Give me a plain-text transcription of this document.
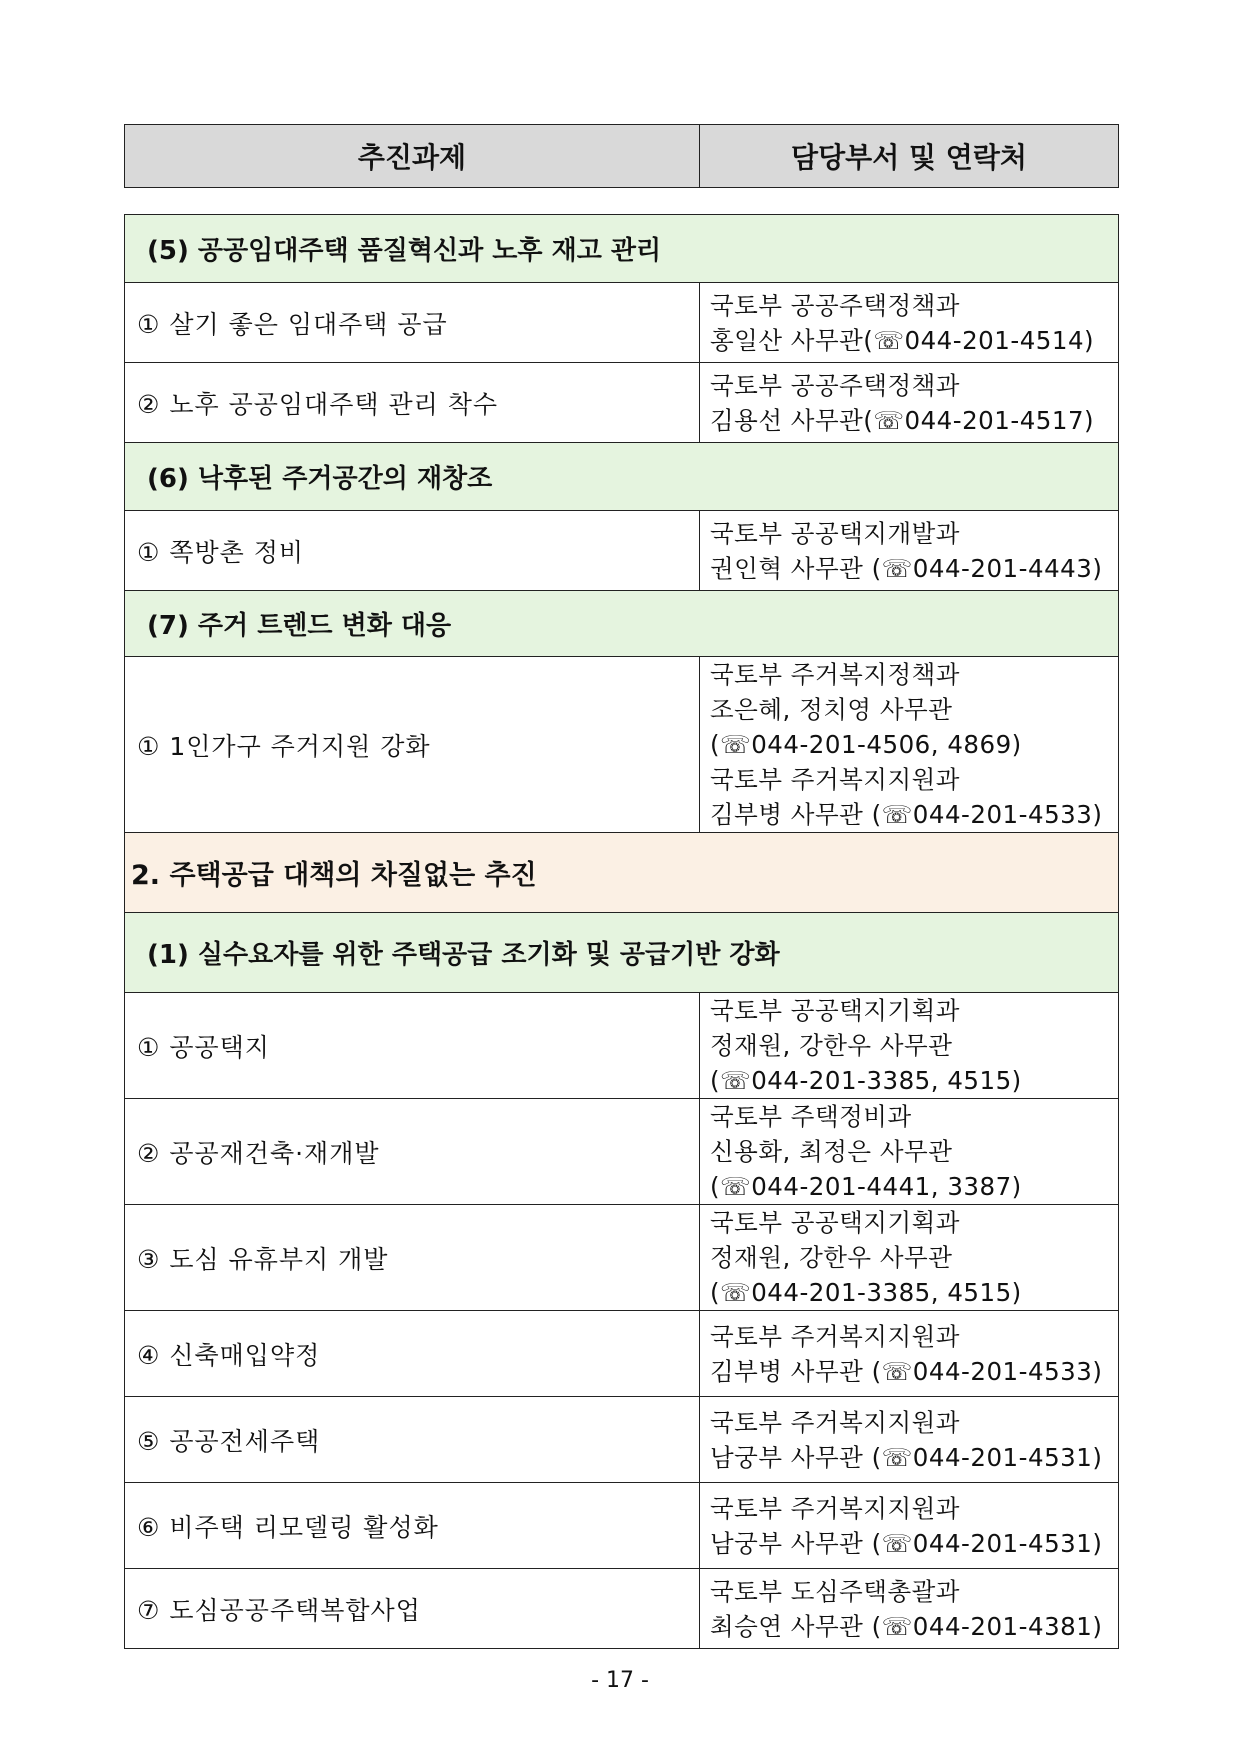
추진과제	담당부서 및 연락처
(5) 공공임대주택 품질혁신과 노후 재고 관리	
① 살기 좋은 임대주택 공급	국토부 공공주택정책과
홍일산 사무관(☏044-201-4514)

② 노후 공공임대주택 관리 착수	국토부 공공주택정책과
김용선 사무관(☏044-201-4517)

(6) 낙후된 주거공간의 재창조	
① 쪽방촌 정비	국토부 공공택지개발과
권인혁 사무관 (☏044-201-4443)

(7) 주거 트렌드 변화 대응	
① 1인가구 주거지원 강화	국토부 주거복지정책과
조은혜, 정치영 사무관
(☏044-201-4506, 4869)
국토부 주거복지지원과
김부병 사무관 (☏044-201-4533)

2. 주택공급 대책의 차질없는 추진	
(1) 실수요자를 위한 주택공급 조기화 및 공급기반 강화	
① 공공택지	국토부 공공택지기획과
정재원, 강한우 사무관
(☏044-201-3385, 4515)

② 공공재건축·재개발	국토부 주택정비과
신용화, 최정은 사무관
(☏044-201-4441, 3387)

③ 도심 유휴부지 개발	국토부 공공택지기획과
정재원, 강한우 사무관
(☏044-201-3385, 4515)

④ 신축매입약정	국토부 주거복지지원과
김부병 사무관 (☏044-201-4533)

⑤ 공공전세주택	국토부 주거복지지원과
남궁부 사무관 (☏044-201-4531)

⑥ 비주택 리모델링 활성화	국토부 주거복지지원과
남궁부 사무관 (☏044-201-4531)

⑦ 도심공공주택복합사업	국토부 도심주택총괄과
최승연 사무관 (☏044-201-4381)
- 17 -
